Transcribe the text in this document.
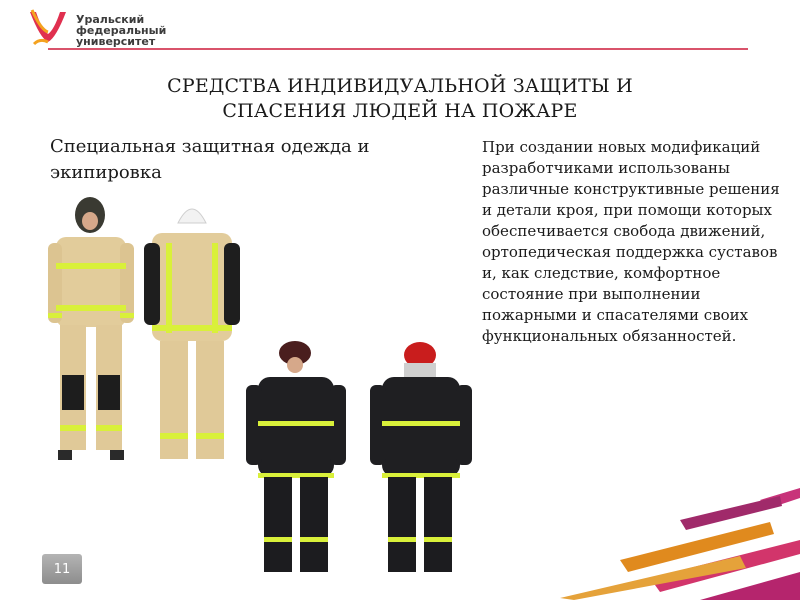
Уральский
федеральный
университет
СРЕДСТВА ИНДИВИДУАЛЬНОЙ ЗАЩИТЫ И
СПАСЕНИЯ ЛЮДЕЙ НА ПОЖАРЕ
Специальная защитная одежда и экипировка
При создании новых модификаций разработчиками использованы различные конструктивные решения и детали кроя, при помощи которых обеспечивается свобода движений, ортопедическая поддержка суставов и, как следствие, комфортное состояние при выполнении пожарными и спасателями своих функциональных обязанностей.
11
